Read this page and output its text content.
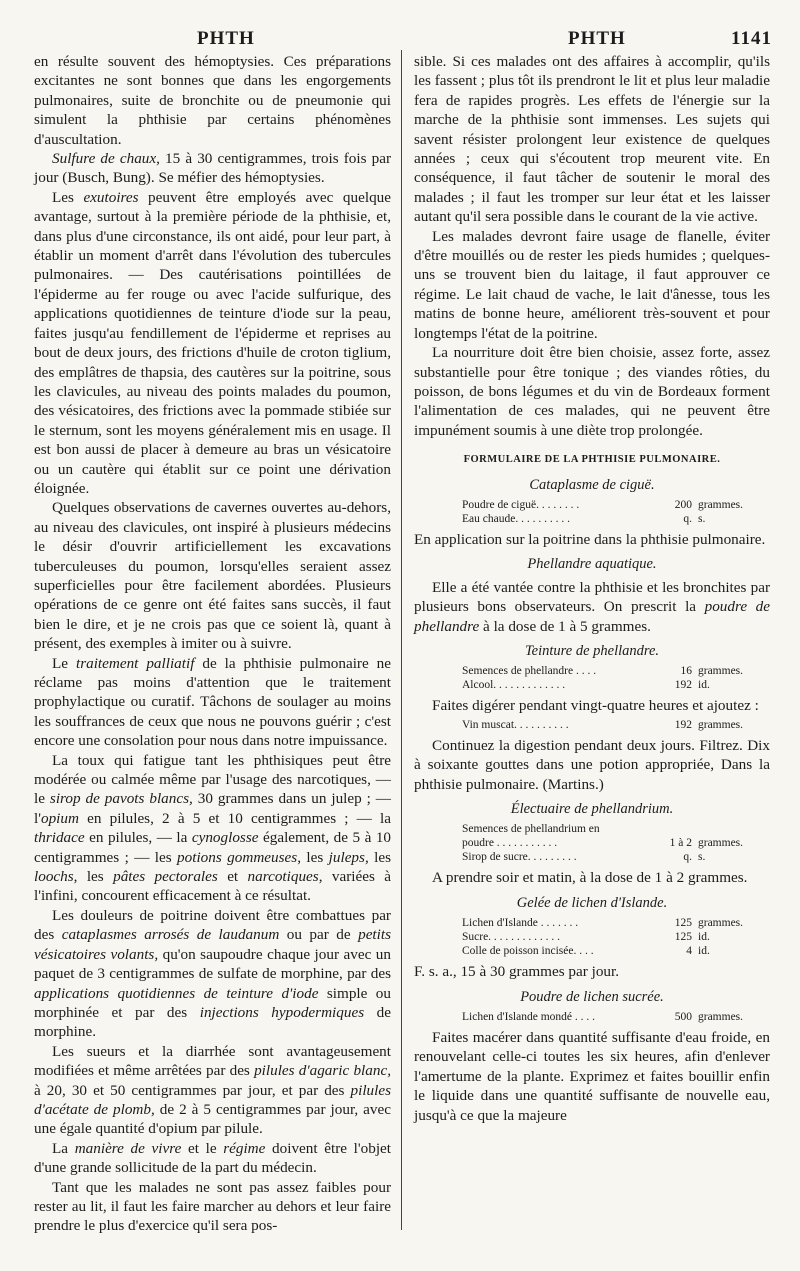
PHTH	PHTH	1141

en résulte souvent des hémoptysies. Ces préparations excitantes ne sont bonnes que dans les engorgements pulmonaires, suite de bronchite ou de pneumonie qui simulent la phthisie par certains phénomènes d'auscultation.

Sulfure de chaux, 15 à 30 centigrammes, trois fois par jour (Busch, Bung). Se méfier des hémoptysies.

Les exutoires peuvent être employés avec quelque avantage, surtout à la première période de la phthisie, et, dans plus d'une circonstance, ils ont aidé, pour leur part, à établir un moment d'arrêt dans l'évolution des tubercules pulmonaires. — Des cautérisations pointillées de l'épiderme au fer rouge ou avec l'acide sulfurique, des applications quotidiennes de teinture d'iode sur la peau, faites jusqu'au fendillement de l'épiderme et reprises au bout de deux jours, des frictions d'huile de croton tiglium, des emplâtres de thapsia, des cautères sur la poitrine, sous les clavicules, au niveau des points malades du poumon, des vésicatoires, des frictions avec la pommade stibiée sur le sternum, sont les moyens généralement mis en usage. Il est bon aussi de placer à demeure au bras un vésicatoire ou un cautère qui établit sur ce point une dérivation éloignée.

Quelques observations de cavernes ouvertes au-dehors, au niveau des clavicules, ont inspiré à plusieurs médecins le désir d'ouvrir artificiellement les excavations tuberculeuses du poumon, lorsqu'elles seraient assez superficielles pour être facilement abordées. Plusieurs opérations de ce genre ont été faites sans succès, il faut bien le dire, et je ne crois pas que ce soient là, quant à présent, des exemples à imiter ou à suivre.

Le traitement palliatif de la phthisie pulmonaire ne réclame pas moins d'attention que le traitement prophylactique ou curatif. Tâchons de soulager au moins les souffrances de ceux que nous ne pouvons guérir ; c'est encore une consolation pour nous dans notre impuissance.

La toux qui fatigue tant les phthisiques peut être modérée ou calmée même par l'usage des narcotiques, — le sirop de pavots blancs, 30 grammes dans un julep ; — l'opium en pilules, 2 à 5 et 10 centigrammes ; — la thridace en pilules, — la cynoglosse également, de 5 à 10 centigrammes ; — les potions gommeuses, les juleps, les loochs, les pâtes pectorales et narcotiques, variées à l'infini, concourent efficacement à ce résultat.

Les douleurs de poitrine doivent être combattues par des cataplasmes arrosés de laudanum ou par de petits vésicatoires volants, qu'on saupoudre chaque jour avec un paquet de 3 centigrammes de sulfate de morphine, par des applications quotidiennes de teinture d'iode simple ou morphinée et par des injections hypodermiques de morphine.

Les sueurs et la diarrhée sont avantageusement modifiées et même arrêtées par des pilules d'agaric blanc, à 20, 30 et 50 centigrammes par jour, et par des pilules d'acétate de plomb, de 2 à 5 centigrammes par jour, avec une égale quantité d'opium par pilule.

La manière de vivre et le régime doivent être l'objet d'une grande sollicitude de la part du médecin.

Tant que les malades ne sont pas assez faibles pour rester au lit, il faut les faire marcher au dehors et leur faire prendre le plus d'exercice qu'il sera pos-

sible. Si ces malades ont des affaires à accomplir, qu'ils les fassent ; plus tôt ils prendront le lit et plus leur maladie fera de rapides progrès. Les effets de l'énergie sur la marche de la phthisie sont immenses. Les sujets qui savent résister prolongent leur existence de quelques années ; ceux qui s'écoutent trop meurent vite. En conséquence, il faut tâcher de soutenir le moral des malades ; il faut les tromper sur leur état et les laisser autant qu'il sera possible dans le courant de la vie active.

Les malades devront faire usage de flanelle, éviter d'être mouillés ou de rester les pieds humides ; quelques-uns se trouvent bien du laitage, il faut approuver ce régime. Le lait chaud de vache, le lait d'ânesse, tous les matins de bonne heure, améliorent très-souvent et pour longtemps l'état de la poitrine.

La nourriture doit être bien choisie, assez forte, assez substantielle pour être tonique ; des viandes rôties, du poisson, de bons légumes et du vin de Bordeaux forment l'alimentation de ces malades, qui ne peuvent être impunément soumis à une diète trop prolongée.

FORMULAIRE DE LA PHTHISIE PULMONAIRE.
Cataplasme de ciguë.
Poudre de ciguë. . . . . . . .	200 grammes.
Eau chaude. . . . . . . . . .	q. s.

En application sur la poitrine dans la phthisie pulmonaire.

Phellandre aquatique.

Elle a été vantée contre la phthisie et les bronchites par plusieurs bons observateurs. On prescrit la poudre de phellandre à la dose de 1 à 5 grammes.

Teinture de phellandre.
Semences de phellandre . . . .	16 grammes.
Alcool. . . . . . . . . . . . .	192 id.

Faites digérer pendant vingt-quatre heures et ajoutez :

Vin muscat. . . . . . . . . .	192 grammes.

Continuez la digestion pendant deux jours. Filtrez. Dix à soixante gouttes dans une potion appropriée, Dans la phthisie pulmonaire. (Martins.)

Électuaire de phellandrium.
Semences de phellandrium en
poudre . . . . . . . . . . .	1 à 2 grammes.
Sirop de sucre. . . . . . . . .	q. s.

A prendre soir et matin, à la dose de 1 à 2 grammes.

Gelée de lichen d'Islande.
Lichen d'Islande . . . . . . .	125 grammes.
Sucre. . . . . . . . . . . . .	125 id.
Colle de poisson incisée. . . .	4 id.

F. s. a., 15 à 30 grammes par jour.

Poudre de lichen sucrée.
Lichen d'Islande mondé . . . .	500 grammes.

Faites macérer dans quantité suffisante d'eau froide, en renouvelant celle-ci toutes les six heures, afin d'enlever l'amertume de la plante. Exprimez et faites bouillir enfin le liquide dans une quantité suffisante de nouvelle eau, jusqu'à ce que la majeure
